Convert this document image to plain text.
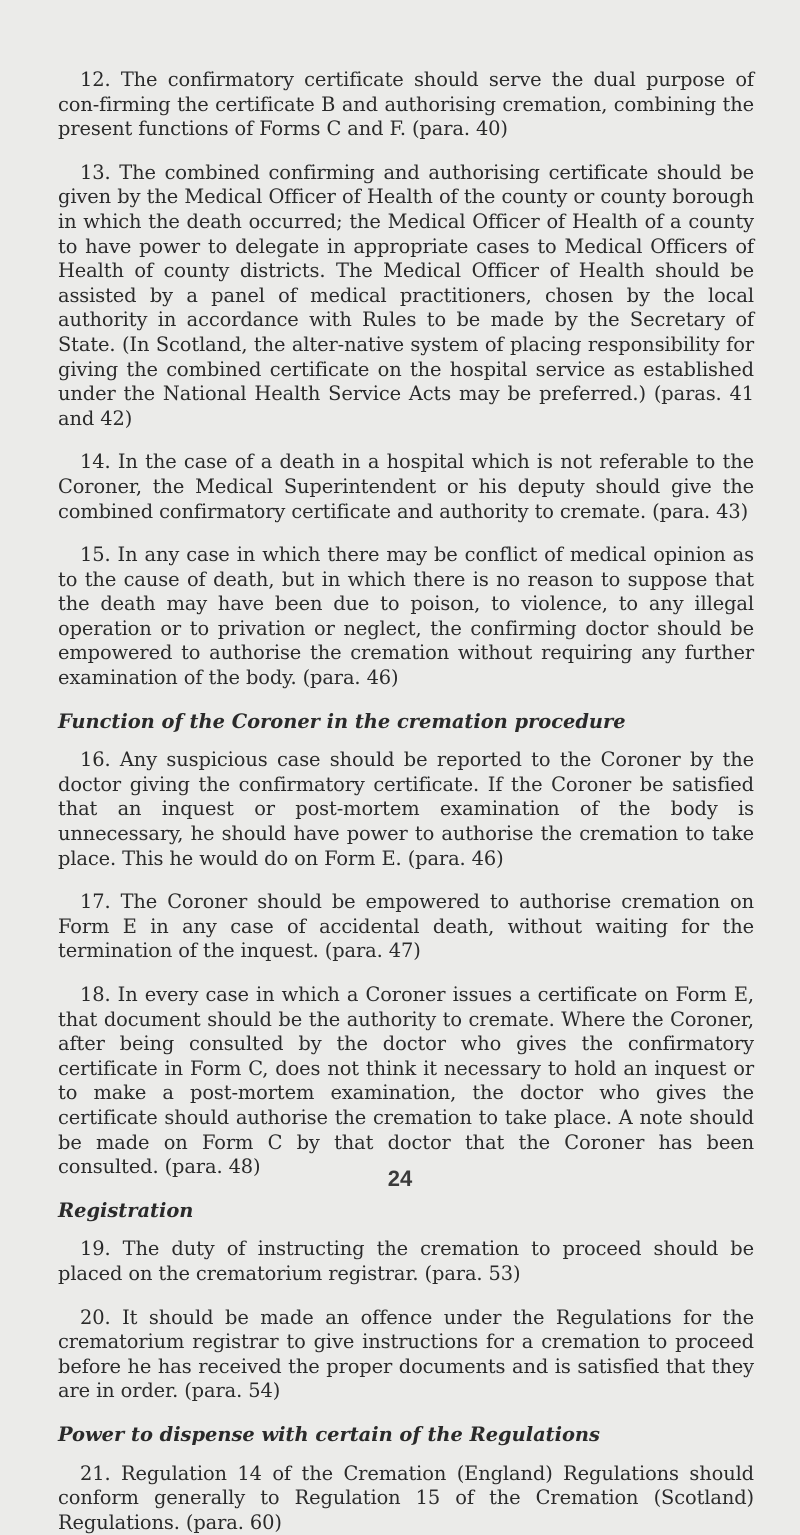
12. The confirmatory certificate should serve the dual purpose of con-firming the certificate B and authorising cremation, combining the present functions of Forms C and F. (para. 40)

13. The combined confirming and authorising certificate should be given by the Medical Officer of Health of the county or county borough in which the death occurred; the Medical Officer of Health of a county to have power to delegate in appropriate cases to Medical Officers of Health of county districts. The Medical Officer of Health should be assisted by a panel of medical practitioners, chosen by the local authority in accordance with Rules to be made by the Secretary of State. (In Scotland, the alter-native system of placing responsibility for giving the combined certificate on the hospital service as established under the National Health Service Acts may be preferred.) (paras. 41 and 42)

14. In the case of a death in a hospital which is not referable to the Coroner, the Medical Superintendent or his deputy should give the combined confirmatory certificate and authority to cremate. (para. 43)

15. In any case in which there may be conflict of medical opinion as to the cause of death, but in which there is no reason to suppose that the death may have been due to poison, to violence, to any illegal operation or to privation or neglect, the confirming doctor should be empowered to authorise the cremation without requiring any further examination of the body. (para. 46)

Function of the Coroner in the cremation procedure

16. Any suspicious case should be reported to the Coroner by the doctor giving the confirmatory certificate. If the Coroner be satisfied that an inquest or post-mortem examination of the body is unnecessary, he should have power to authorise the cremation to take place. This he would do on Form E. (para. 46)

17. The Coroner should be empowered to authorise cremation on Form E in any case of accidental death, without waiting for the termination of the inquest. (para. 47)

18. In every case in which a Coroner issues a certificate on Form E, that document should be the authority to cremate. Where the Coroner, after being consulted by the doctor who gives the confirmatory certificate in Form C, does not think it necessary to hold an inquest or to make a post-mortem examination, the doctor who gives the certificate should authorise the cremation to take place. A note should be made on Form C by that doctor that the Coroner has been consulted. (para. 48)

Registration

19. The duty of instructing the cremation to proceed should be placed on the crematorium registrar. (para. 53)

20. It should be made an offence under the Regulations for the crematorium registrar to give instructions for a cremation to proceed before he has received the proper documents and is satisfied that they are in order. (para. 54)

Power to dispense with certain of the Regulations

21. Regulation 14 of the Cremation (England) Regulations should conform generally to Regulation 15 of the Cremation (Scotland) Regulations. (para. 60)

24
